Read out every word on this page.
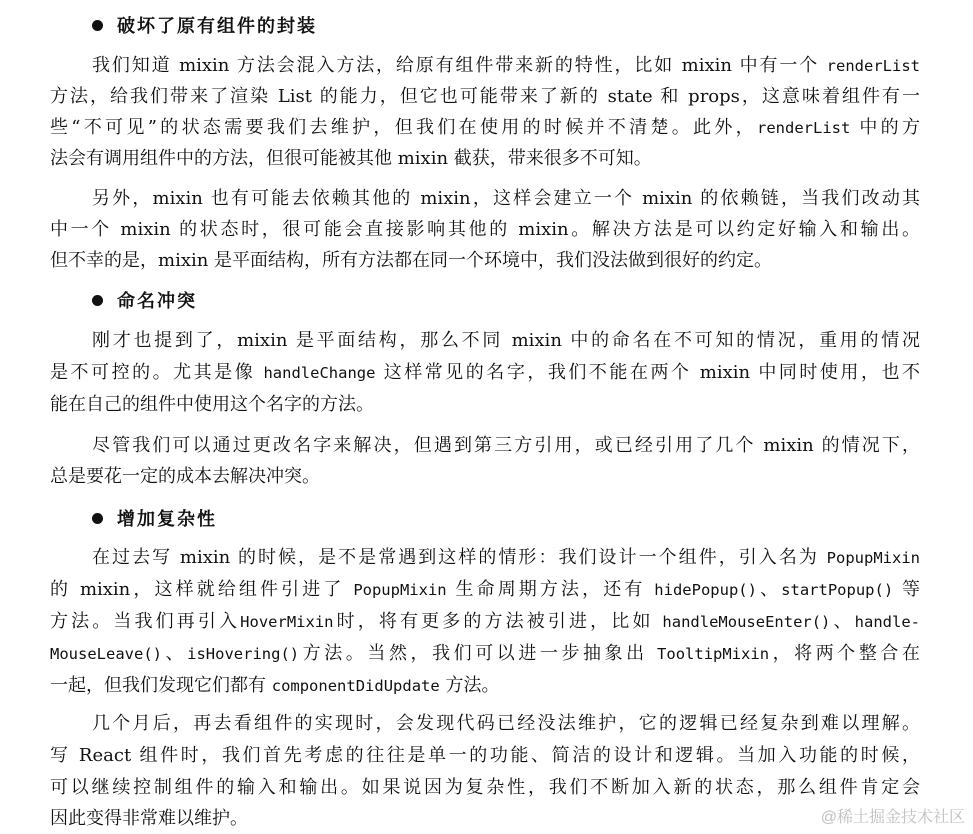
破坏了原有组件的封装
我们知道 mixin 方法会混入方法，给原有组件带来新的特性，比如 mixin 中有一个 renderList
方法，给我们带来了渲染 List 的能力，但它也可能带来了新的 state 和 props，这意味着组件有一
些“不可见”的状态需要我们去维护，但我们在使用的时候并不清楚。此外，renderList 中的方
法会有调用组件中的方法，但很可能被其他 mixin 截获，带来很多不可知。
另外，mixin 也有可能去依赖其他的 mixin，这样会建立一个 mixin 的依赖链，当我们改动其
中一个 mixin 的状态时，很可能会直接影响其他的 mixin。解决方法是可以约定好输入和输出。
但不幸的是，mixin 是平面结构，所有方法都在同一个环境中，我们没法做到很好的约定。
命名冲突
刚才也提到了，mixin 是平面结构，那么不同 mixin 中的命名在不可知的情况，重用的情况
是不可控的。尤其是像 handleChange 这样常见的名字，我们不能在两个 mixin 中同时使用，也不
能在自己的组件中使用这个名字的方法。
尽管我们可以通过更改名字来解决，但遇到第三方引用，或已经引用了几个 mixin 的情况下，
总是要花一定的成本去解决冲突。
增加复杂性
在过去写 mixin 的时候，是不是常遇到这样的情形：我们设计一个组件，引入名为 PopupMixin
的 mixin，这样就给组件引进了 PopupMixin 生命周期方法，还有 hidePopup()、startPopup() 等
方法。当我们再引入HoverMixin时，将有更多的方法被引进，比如 handleMouseEnter()、handle-
MouseLeave()、isHovering()方法。当然，我们可以进一步抽象出 TooltipMixin，将两个整合在
一起，但我们发现它们都有 componentDidUpdate 方法。
几个月后，再去看组件的实现时，会发现代码已经没法维护，它的逻辑已经复杂到难以理解。
写 React 组件时，我们首先考虑的往往是单一的功能、简洁的设计和逻辑。当加入功能的时候，
可以继续控制组件的输入和输出。如果说因为复杂性，我们不断加入新的状态，那么组件肯定会
因此变得非常难以维护。	@稀土掘金技术社区
